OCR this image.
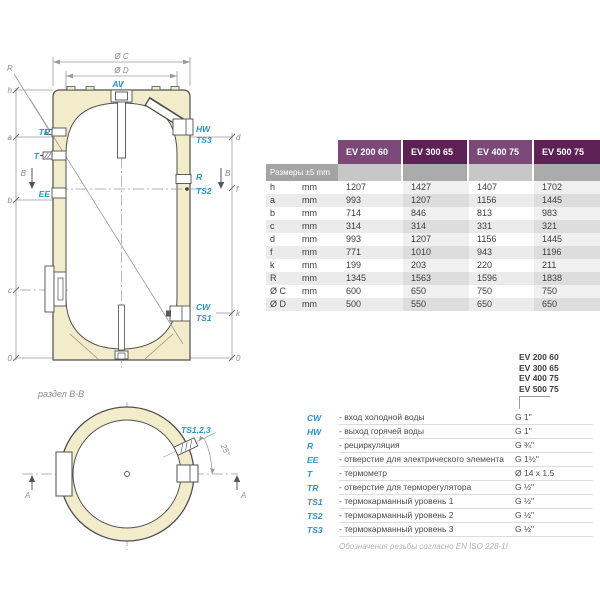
Ø C
Ø D
R
h
a
b
c
0
d
f
k
0
B	B
AV
TR
T
EE
HW
TS3
R
TS2
CW
TS1
раздел B-B
25°
TS1,2,3
A	A
EV 200 60	EV 300 65	EV 400 75	EV 500 75
Размеры ±5 mm
h	mm	1207	1427	1407	1702
a	mm	993	1207	1156	1445
b	mm	714	846	813	983
c	mm	314	314	331	321
d	mm	993	1207	1156	1445
f	mm	771	1010	943	1196
k	mm	199	203	220	211
R	mm	1345	1563	1596	1838
Ø C	mm	600	650	750	750
Ø D	mm	500	550	650	650
EV 200 60
EV 300 65
EV 400 75
EV 500 75
CW	- вход холодной воды	G 1"
HW	- выход горячей воды	G 1"
R	- рециркуляция	G ¾"
EE	- отверстие для электрического элемента	G 1½"
T	- термометр	Ø 14 x 1.5
TR	- отверстие для терморегулятора	G ½"
TS1	- термокарманный уровень 1	G ½"
TS2	- термокарманный уровень 2	G ½"
TS3	- термокарманный уровень 3	G ½"
Обозначения резьбы согласно EN ISO 228-1!
